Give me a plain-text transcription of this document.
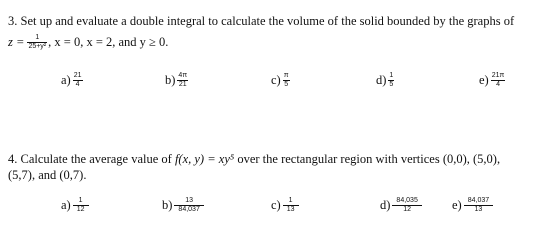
3. Set up and evaluate a double integral to calculate the volume of the solid bounded by the graphs of
$z = \frac{1}{\text{25+y²}}$ , x = 0, x = 2, and y ≥ 0.
$a) \frac{21}{4}$	$b) \frac{4\pi}{21}$	$c) \frac{\pi}{5}$	$d) \frac{1}{5}$	$e) \frac{21\pi}{4}$
4. Calculate the average value of f(x, y) = xy⁵ over the rectangular region with vertices (0,0), (5,0),
(5,7), and (0,7).
$a) \frac{1}{12}$	$b) \frac{13}{84,037}$	$c) \frac{1}{13}$	$d) \frac{84,035}{12} e) \frac{84,037}{13}$
